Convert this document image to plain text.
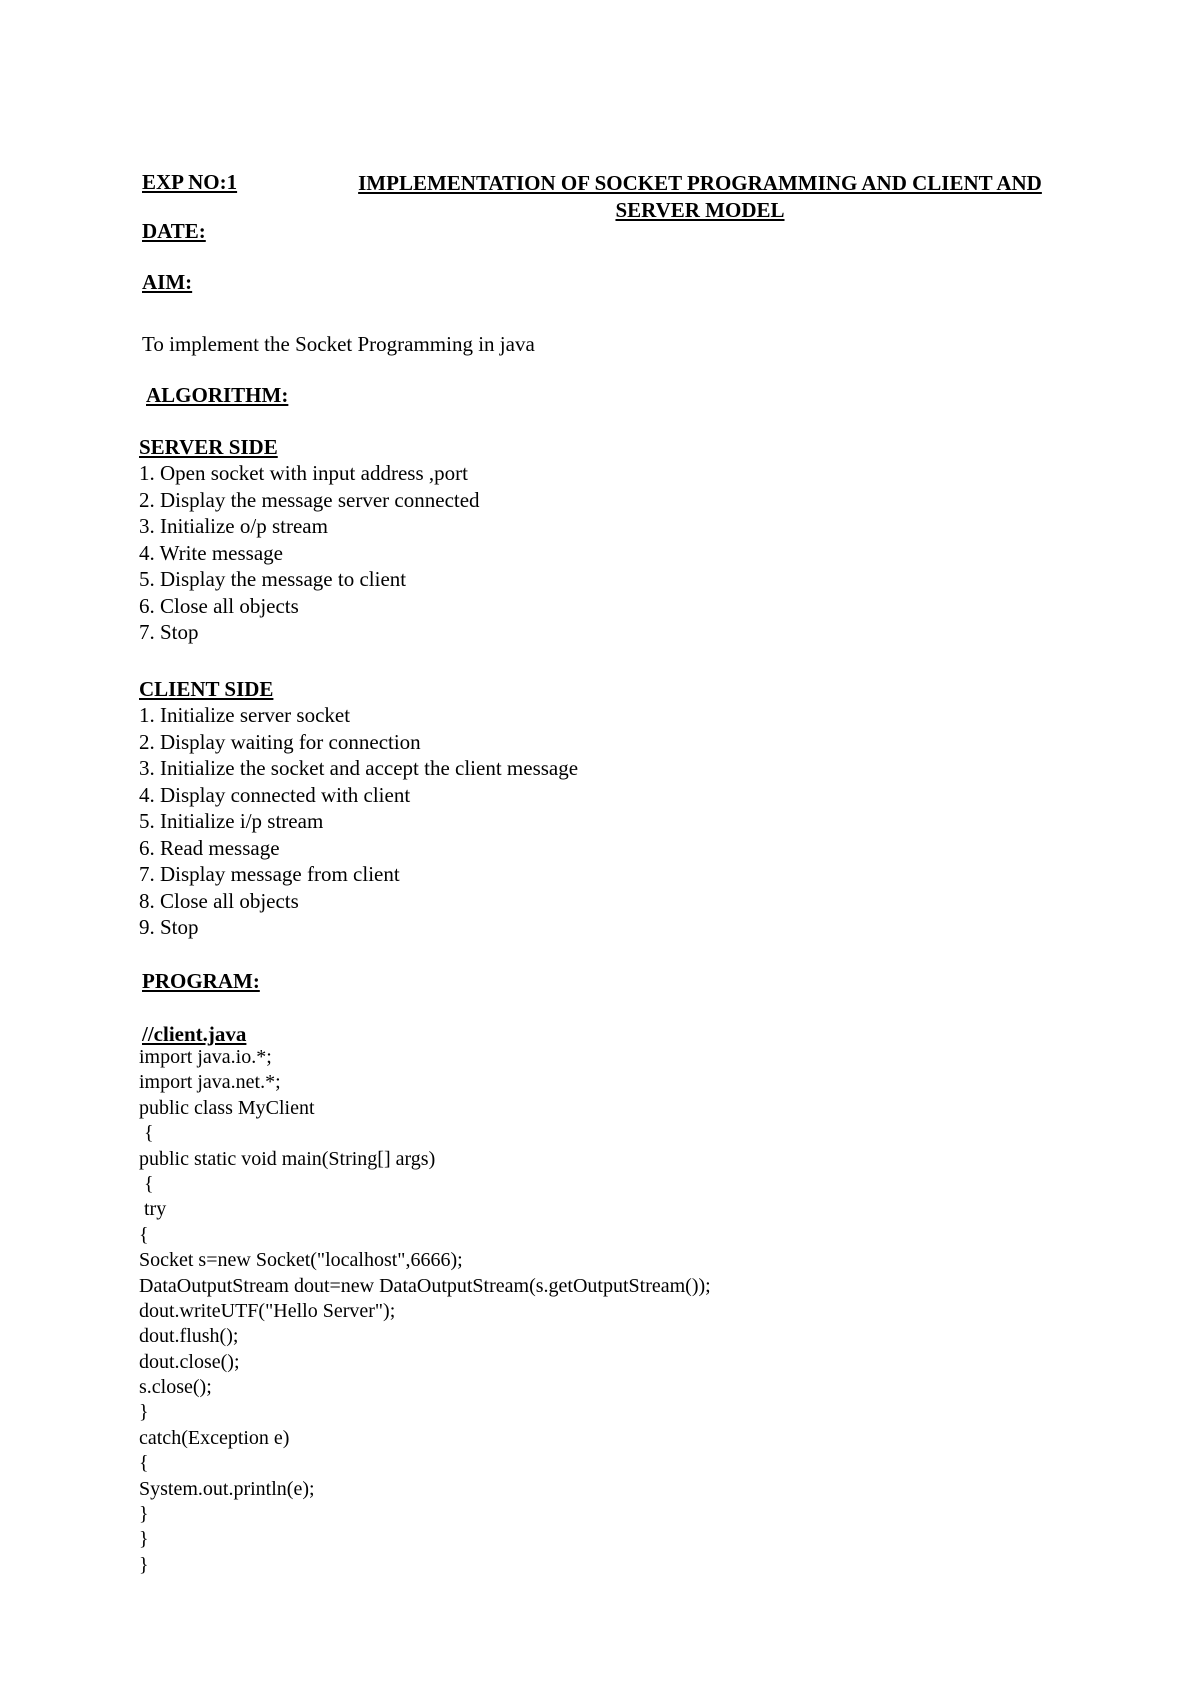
EXP NO:1	IMPLEMENTATION OF SOCKET PROGRAMMING AND CLIENT AND
SERVER MODEL
DATE:
AIM:
To implement the Socket Programming in java
ALGORITHM:
SERVER SIDE
1. Open socket with input address ,port
2. Display the message server connected
3. Initialize o/p stream
4. Write message
5. Display the message to client
6. Close all objects
7. Stop
CLIENT SIDE
1. Initialize server socket
2. Display waiting for connection
3. Initialize the socket and accept the client message
4. Display connected with client
5. Initialize i/p stream
6. Read message
7. Display message from client
8. Close all objects
9. Stop
PROGRAM:
//client.java
import java.io.*;
import java.net.*;
public class MyClient
{
public static void main(String[] args)
{
try
{
Socket s=new Socket("localhost",6666);
DataOutputStream dout=new DataOutputStream(s.getOutputStream());
dout.writeUTF("Hello Server");
dout.flush();
dout.close();
s.close();
}
catch(Exception e)
{
System.out.println(e);
}
}
}
